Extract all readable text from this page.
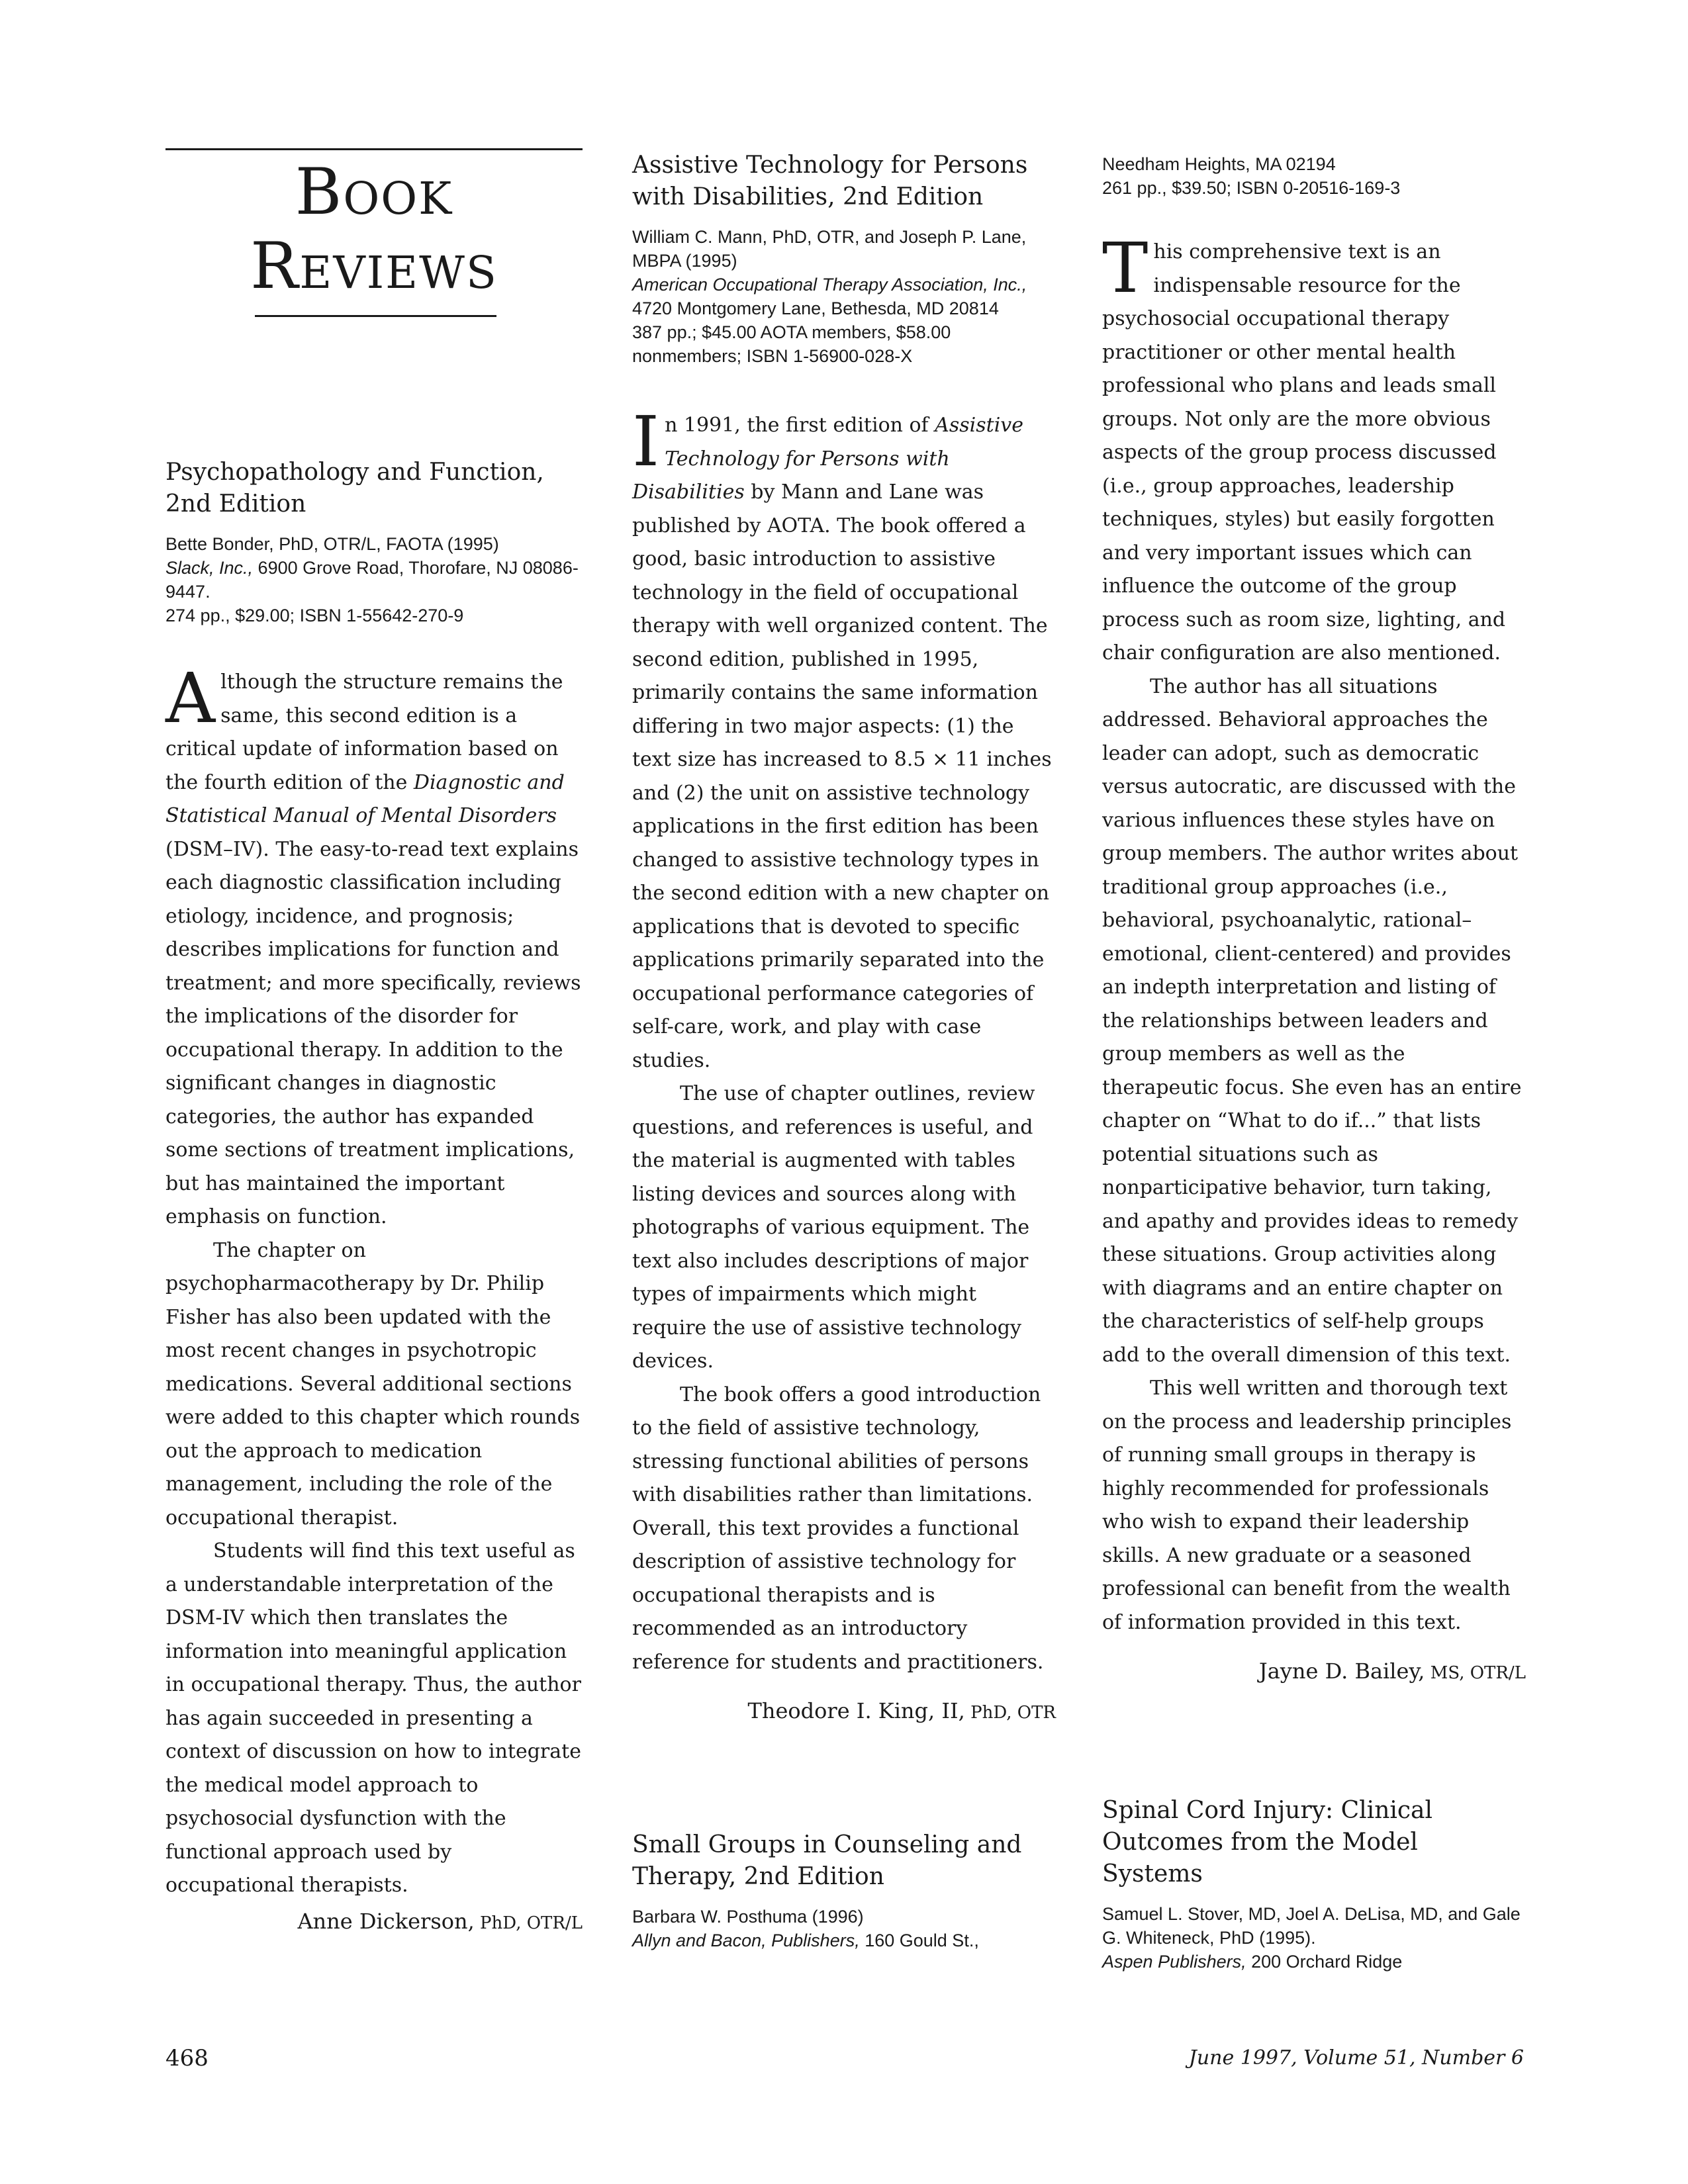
Book
Reviews
Psychopathology and Function, 2nd Edition
Bette Bonder, PhD, OTR/L, FAOTA (1995)
Slack, Inc., 6900 Grove Road, Thorofare, NJ 08086-9447.
274 pp., $29.00; ISBN 1-55642-270-9

Although the structure remains the same, this second edition is a critical update of information based on the fourth edition of the Diagnostic and Statistical Manual of Mental Disorders (DSM–IV). The easy-to-read text explains each diagnostic classification including etiology, incidence, and prognosis; describes implications for function and treatment; and more specifically, reviews the implications of the disorder for occupational therapy. In addition to the significant changes in diagnostic categories, the author has expanded some sections of treatment implications, but has maintained the important emphasis on function.

The chapter on psychopharmacotherapy by Dr. Philip Fisher has also been updated with the most recent changes in psychotropic medications. Several additional sections were added to this chapter which rounds out the approach to medication management, including the role of the occupational therapist.

Students will find this text useful as a understandable interpretation of the DSM-IV which then translates the information into meaningful application in occupational therapy. Thus, the author has again succeeded in presenting a context of discussion on how to integrate the medical model approach to psychosocial dysfunction with the functional approach used by occupational therapists.

Anne Dickerson, PhD, OTR/L
Assistive Technology for Persons with Disabilities, 2nd Edition
William C. Mann, PhD, OTR, and Joseph P. Lane, MBPA (1995)
American Occupational Therapy Association, Inc., 4720 Montgomery Lane, Bethesda, MD 20814
387 pp.; $45.00 AOTA members, $58.00 nonmembers; ISBN 1-56900-028-X

In 1991, the first edition of Assistive Technology for Persons with Disabilities by Mann and Lane was published by AOTA. The book offered a good, basic introduction to assistive technology in the field of occupational therapy with well organized content. The second edition, published in 1995, primarily contains the same information differing in two major aspects: (1) the text size has increased to 8.5 × 11 inches and (2) the unit on assistive technology applications in the first edition has been changed to assistive technology types in the second edition with a new chapter on applications that is devoted to specific applications primarily separated into the occupational performance categories of self-care, work, and play with case studies.

The use of chapter outlines, review questions, and references is useful, and the material is augmented with tables listing devices and sources along with photographs of various equipment. The text also includes descriptions of major types of impairments which might require the use of assistive technology devices.

The book offers a good introduction to the field of assistive technology, stressing functional abilities of persons with disabilities rather than limitations. Overall, this text provides a functional description of assistive technology for occupational therapists and is recommended as an introductory reference for students and practitioners.

Theodore I. King, II, PhD, OTR
Small Groups in Counseling and Therapy, 2nd Edition
Barbara W. Posthuma (1996)
Allyn and Bacon, Publishers, 160 Gould St.,
Needham Heights, MA 02194
261 pp., $39.50; ISBN 0-20516-169-3

This comprehensive text is an indispensable resource for the psychosocial occupational therapy practitioner or other mental health professional who plans and leads small groups. Not only are the more obvious aspects of the group process discussed (i.e., group approaches, leadership techniques, styles) but easily forgotten and very important issues which can influence the outcome of the group process such as room size, lighting, and chair configuration are also mentioned.

The author has all situations addressed. Behavioral approaches the leader can adopt, such as democratic versus autocratic, are discussed with the various influences these styles have on group members. The author writes about traditional group approaches (i.e., behavioral, psychoanalytic, rational–emotional, client-centered) and provides an indepth interpretation and listing of the relationships between leaders and group members as well as the therapeutic focus. She even has an entire chapter on “What to do if...” that lists potential situations such as nonparticipative behavior, turn taking, and apathy and provides ideas to remedy these situations. Group activities along with diagrams and an entire chapter on the characteristics of self-help groups add to the overall dimension of this text.

This well written and thorough text on the process and leadership principles of running small groups in therapy is highly recommended for professionals who wish to expand their leadership skills. A new graduate or a seasoned professional can benefit from the wealth of information provided in this text.

Jayne D. Bailey, MS, OTR/L
Spinal Cord Injury: Clinical Outcomes from the Model Systems
Samuel L. Stover, MD, Joel A. DeLisa, MD, and Gale G. Whiteneck, PhD (1995).
Aspen Publishers, 200 Orchard Ridge
468	June 1997, Volume 51, Number 6
